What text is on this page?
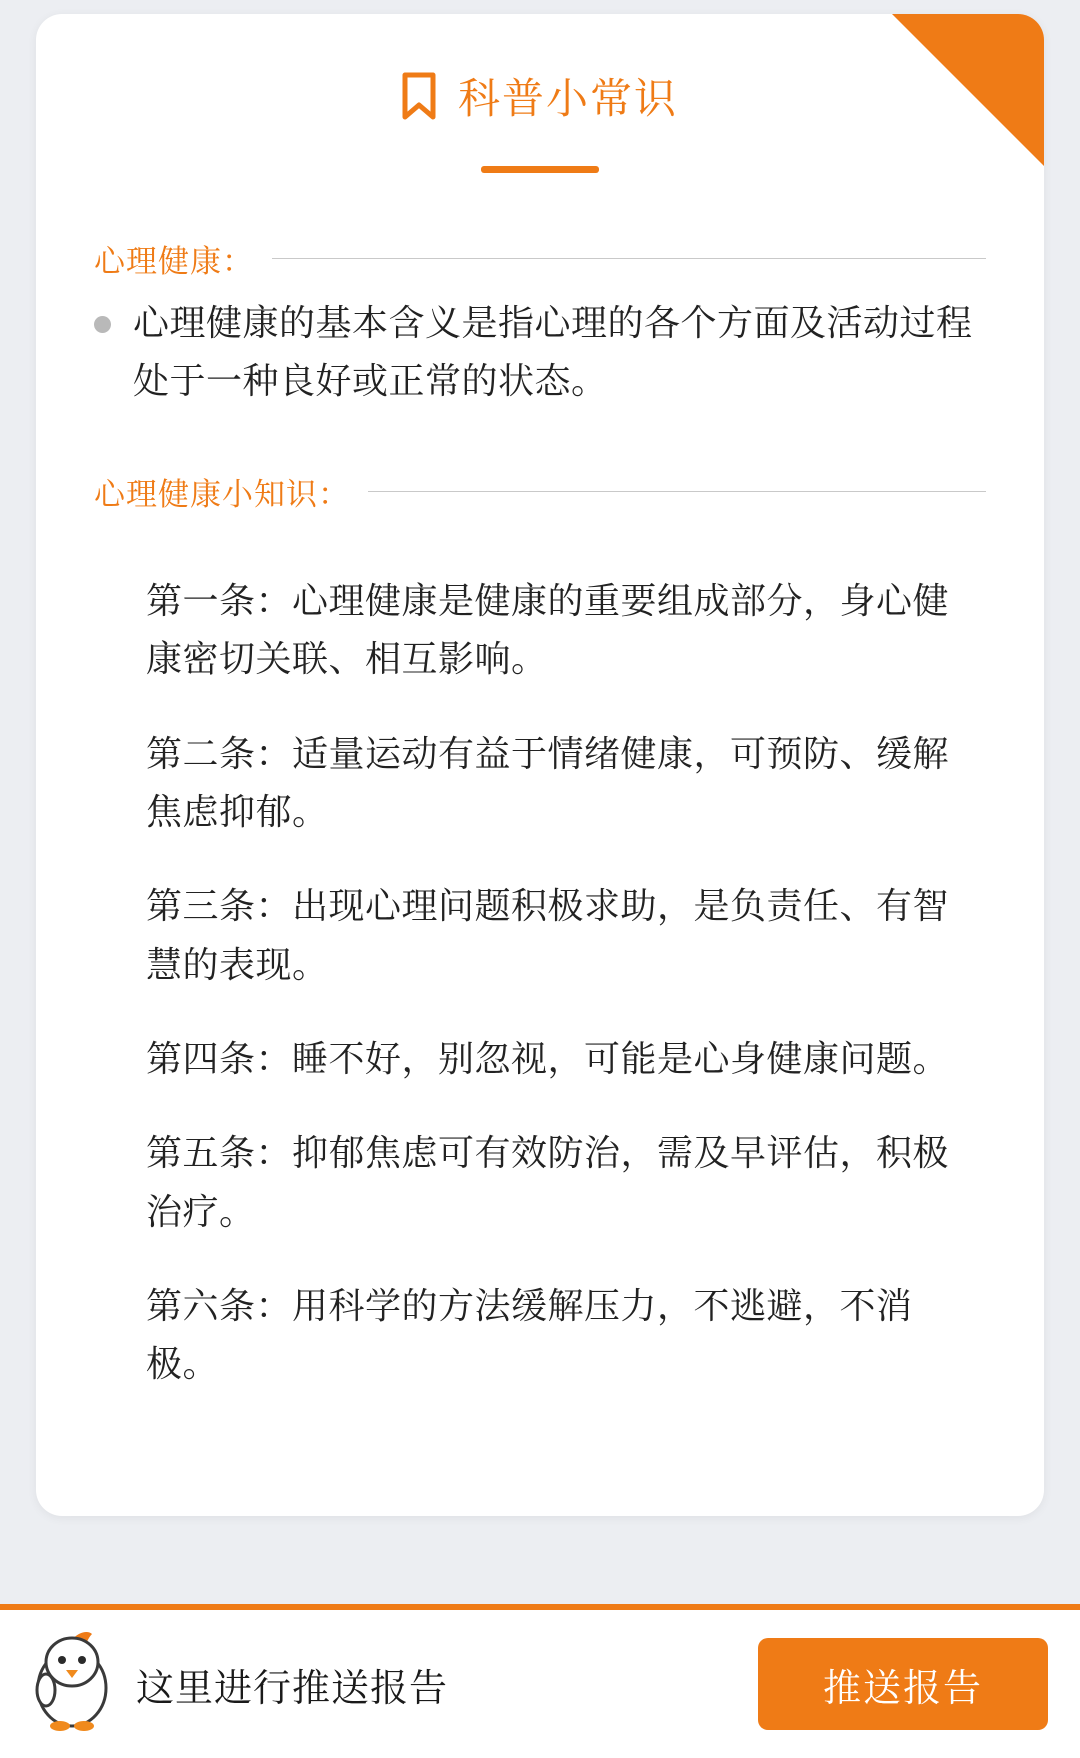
科普小常识
心理健康：
心理健康的基本含义是指心理的各个方面及活动过程处于一种良好或正常的状态。
心理健康小知识：

第一条：心理健康是健康的重要组成部分，身心健康密切关联、相互影响。

第二条：适量运动有益于情绪健康，可预防、缓解焦虑抑郁。

第三条：出现心理问题积极求助，是负责任、有智慧的表现。

第四条：睡不好，别忽视，可能是心身健康问题。

第五条：抑郁焦虑可有效防治，需及早评估，积极治疗。

第六条：用科学的方法缓解压力，不逃避，不消极。

这里进行推送报告	推送报告
